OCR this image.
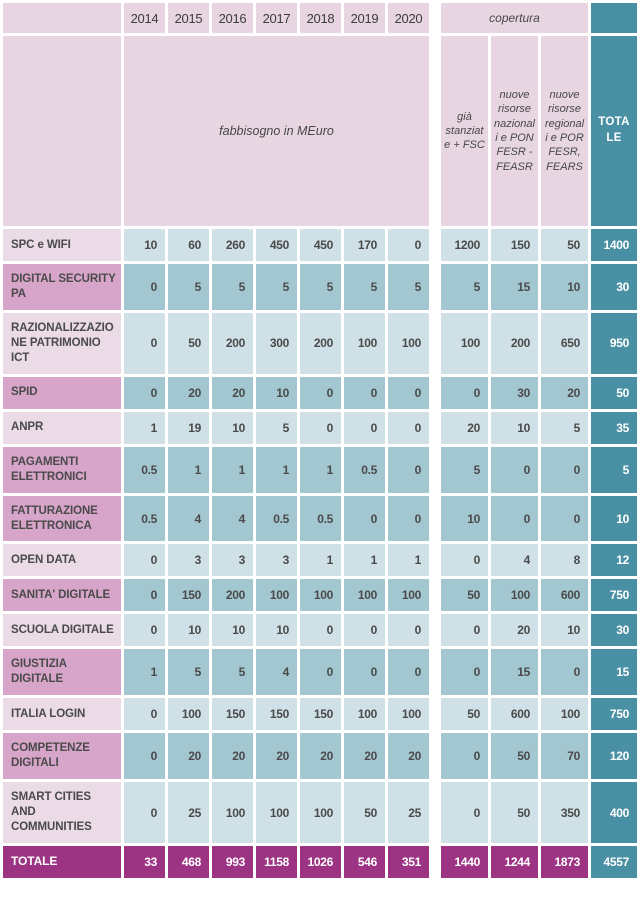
	2014	2015	2016	2017	2018	2019	2020		copertura			
	fabbisogno in MEuro								già stanziate + FSC	nuove risorse nazionali e PON FESR - FEASR	nuove risorse regionali e POR FESR, FEARS	TOTALE
SPC e WIFI	10	60	260	450	450	170	0		1200	150	50	1400
DIGITAL SECURITY PA	0	5	5	5	5	5	5		5	15	10	30
RAZIONALIZZAZIONE PATRIMONIO ICT	0	50	200	300	200	100	100		100	200	650	950
SPID	0	20	20	10	0	0	0		0	30	20	50
ANPR	1	19	10	5	0	0	0		20	10	5	35
PAGAMENTI ELETTRONICI	0.5	1	1	1	1	0.5	0		5	0	0	5
FATTURAZIONE ELETTRONICA	0.5	4	4	0.5	0.5	0	0		10	0	0	10
OPEN DATA	0	3	3	3	1	1	1		0	4	8	12
SANITA' DIGITALE	0	150	200	100	100	100	100		50	100	600	750
SCUOLA DIGITALE	0	10	10	10	0	0	0		0	20	10	30
GIUSTIZIA DIGITALE	1	5	5	4	0	0	0		0	15	0	15
ITALIA LOGIN	0	100	150	150	150	100	100		50	600	100	750
COMPETENZE DIGITALI	0	20	20	20	20	20	20		0	50	70	120
SMART CITIES AND COMMUNITIES	0	25	100	100	100	50	25		0	50	350	400
TOTALE	33	468	993	1158	1026	546	351		1440	1244	1873	4557
